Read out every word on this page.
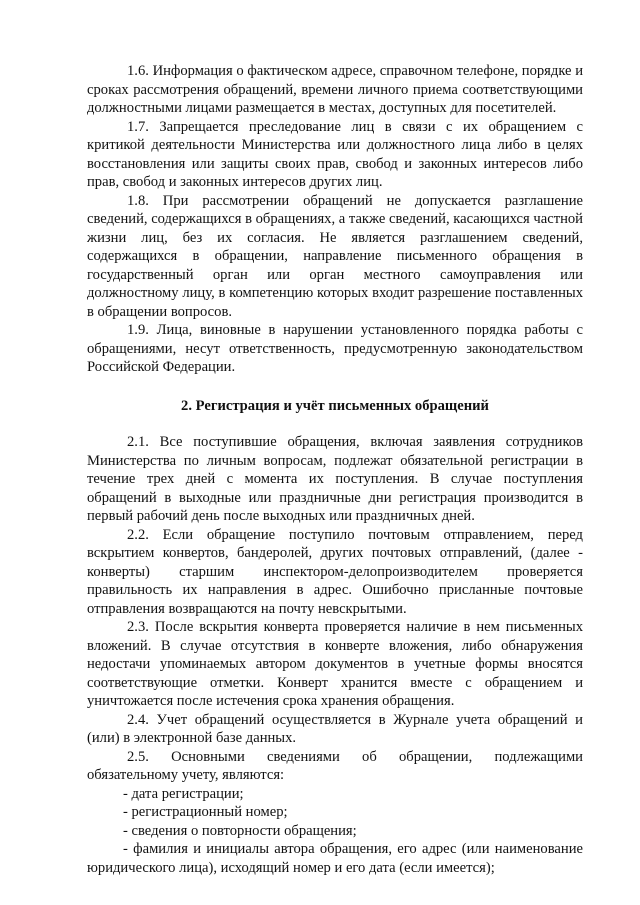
1.6. Информация о фактическом адресе, справочном телефоне, порядке и сроках рассмотрения обращений, времени личного приема соответствующими должностными лицами размещается в местах, доступных для посетителей.

1.7. Запрещается преследование лиц в связи с их обращением с критикой деятельности Министерства или должностного лица либо в целях восстановления или защиты своих прав, свобод и законных интересов либо прав, свобод и законных интересов других лиц.

1.8. При рассмотрении обращений не допускается разглашение сведений, содержащихся в обращениях, а также сведений, касающихся частной жизни лиц, без их согласия. Не является разглашением сведений, содержащихся в обращении, направление письменного обращения в государственный орган или орган местного самоуправления или должностному лицу, в компетенцию которых входит разрешение поставленных в обращении вопросов.

1.9. Лица, виновные в нарушении установленного порядка работы с обращениями, несут ответственность, предусмотренную законодательством Российской Федерации.

2. Регистрация и учёт письменных обращений

2.1. Все поступившие обращения, включая заявления сотрудников Министерства по личным вопросам, подлежат обязательной регистрации в течение трех дней с момента их поступления. В случае поступления обращений в выходные или праздничные дни регистрация производится в первый рабочий день после выходных или праздничных дней.

2.2. Если обращение поступило почтовым отправлением, перед вскрытием конвертов, бандеролей, других почтовых отправлений, (далее - конверты) старшим инспектором-делопроизводителем проверяется правильность их направления в адрес. Ошибочно присланные почтовые отправления возвращаются на почту невскрытыми.

2.3. После вскрытия конверта проверяется наличие в нем письменных вложений. В случае отсутствия в конверте вложения, либо обнаружения недостачи упоминаемых автором документов в учетные формы вносятся соответствующие отметки. Конверт хранится вместе с обращением и уничтожается после истечения срока хранения обращения.

2.4. Учет обращений осуществляется в Журнале учета обращений и (или) в электронной базе данных.

2.5. Основными сведениями об обращении, подлежащими обязательному учету, являются:

- дата регистрации;

- регистрационный номер;

- сведения о повторности обращения;

- фамилия и инициалы автора обращения, его адрес (или наименование юридического лица), исходящий номер и его дата (если имеется);
